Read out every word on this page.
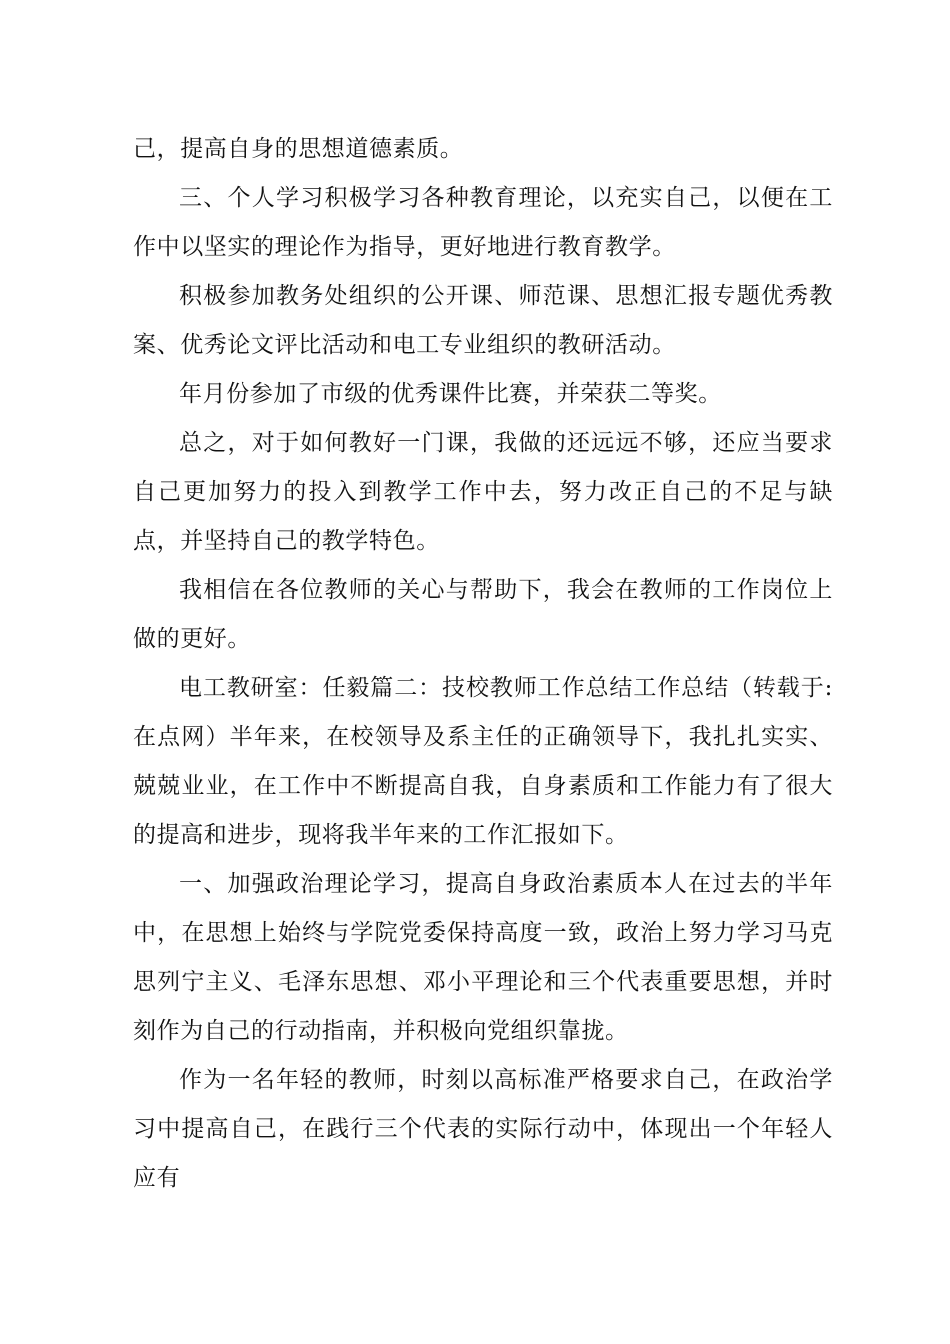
己，提高自身的思想道德素质。

三、个人学习积极学习各种教育理论，以充实自己，以便在工作中以坚实的理论作为指导，更好地进行教育教学。

积极参加教务处组织的公开课、师范课、思想汇报专题优秀教案、优秀论文评比活动和电工专业组织的教研活动。

年月份参加了市级的优秀课件比赛，并荣获二等奖。

总之，对于如何教好一门课，我做的还远远不够，还应当要求自己更加努力的投入到教学工作中去，努力改正自己的不足与缺点，并坚持自己的教学特色。

我相信在各位教师的关心与帮助下，我会在教师的工作岗位上做的更好。

电工教研室：任毅篇二：技校教师工作总结工作总结（转载于:在点网）半年来，在校领导及系主任的正确领导下，我扎扎实实、兢兢业业，在工作中不断提高自我，自身素质和工作能力有了很大的提高和进步，现将我半年来的工作汇报如下。

一、加强政治理论学习，提高自身政治素质本人在过去的半年中，在思想上始终与学院党委保持高度一致，政治上努力学习马克思列宁主义、毛泽东思想、邓小平理论和三个代表重要思想，并时刻作为自己的行动指南，并积极向党组织靠拢。

作为一名年轻的教师，时刻以高标准严格要求自己，在政治学习中提高自己，在践行三个代表的实际行动中，体现出一个年轻人应有
